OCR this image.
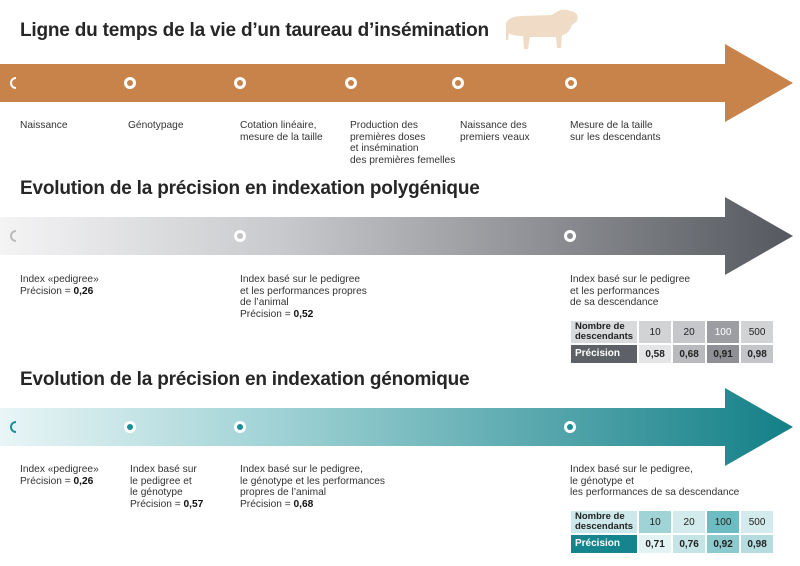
Ligne du temps de la vie d’un taureau d’insémination
Naissance	Génotypage	Cotation linéaire,
mesure de la taille
Production des
premières doses
et insémination
des premières femelles
Naissance des
premiers veaux
Mesure de la taille
sur les descendants
Evolution de la précision en indexation polygénique
Index «pedigree»
Précision = 0,26
Index basé sur le pedigree
et les performances propres
de l’animal
Précision = 0,52
Index basé sur le pedigree
et les performances
de sa descendance
Nombre de
descendants	10	20	100	500
Précision	0,58	0,68	0,91	0,98
Evolution de la précision en indexation génomique
Index «pedigree»
Précision = 0,26
Index basé sur
le pedigree et
le génotype
Précision = 0,57
Index basé sur le pedigree,
le génotype et les performances
propres de l’animal
Précision = 0,68
Index basé sur le pedigree,
le génotype et
les performances de sa descendance
Nombre de
descendants	10	20	100	500
Précision	0,71	0,76	0,92	0,98
